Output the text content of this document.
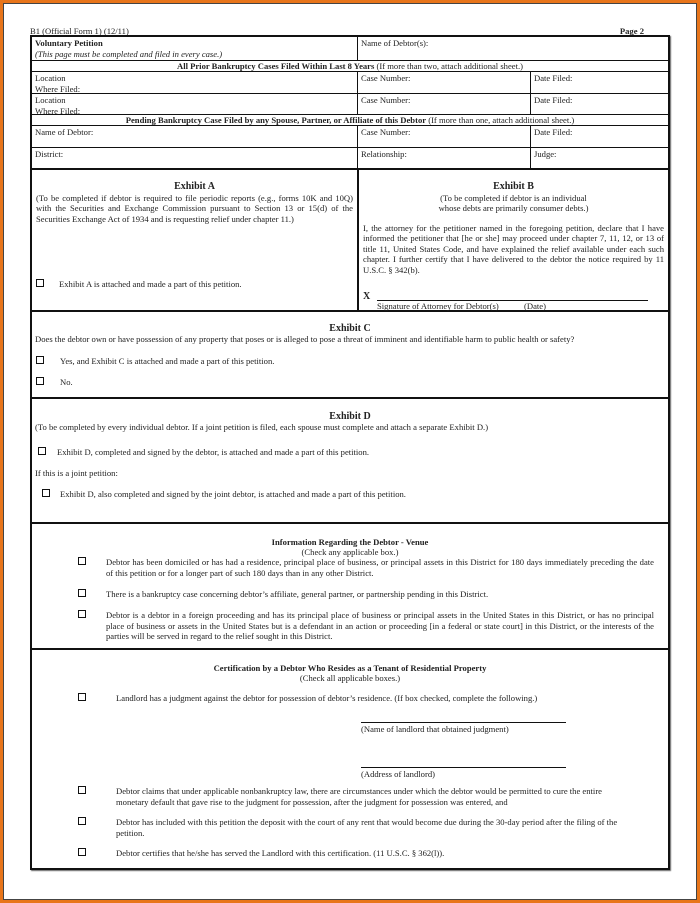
B1 (Official Form 1) (12/11)	Page 2
Voluntary Petition
(This page must be completed and filed in every case.)
Name of Debtor(s):
All Prior Bankruptcy Cases Filed Within Last 8 Years (If more than two, attach additional sheet.)
Location
Where Filed:
Case Number:	Date Filed:
Location
Where Filed:
Case Number:	Date Filed:
Pending Bankruptcy Case Filed by any Spouse, Partner, or Affiliate of this Debtor (If more than one, attach additional sheet.)
Name of Debtor:	Case Number:	Date Filed:
District:	Relationship:	Judge:
Exhibit A

(To be completed if debtor is required to file periodic reports (e.g., forms 10K and 10Q) with the Securities and Exchange Commission pursuant to Section 13 or 15(d) of the Securities Exchange Act of 1934 and is requesting relief under chapter 11.)

Exhibit A is attached and made a part of this petition.
Exhibit B

(To be completed if debtor is an individual

whose debts are primarily consumer debts.)

I, the attorney for the petitioner named in the foregoing petition, declare that I have informed the petitioner that [he or she] may proceed under chapter 7, 11, 12, or 13 of title 11, United States Code, and have explained the relief available under each such chapter. I further certify that I have delivered to the debtor the notice required by 11 U.S.C. § 342(b).

X
Signature of Attorney for Debtor(s)	(Date)
Exhibit C

Does the debtor own or have possession of any property that poses or is alleged to pose a threat of imminent and identifiable harm to public health or safety?

Yes, and Exhibit C is attached and made a part of this petition.
No.
Exhibit D

(To be completed by every individual debtor. If a joint petition is filed, each spouse must complete and attach a separate Exhibit D.)

Exhibit D, completed and signed by the debtor, is attached and made a part of this petition.

If this is a joint petition:

Exhibit D, also completed and signed by the joint debtor, is attached and made a part of this petition.
Information Regarding the Debtor - Venue
(Check any applicable box.)
Debtor has been domiciled or has had a residence, principal place of business, or principal assets in this District for 180 days immediately preceding the date of this petition or for a longer part of such 180 days than in any other District.
There is a bankruptcy case concerning debtor’s affiliate, general partner, or partnership pending in this District.
Debtor is a debtor in a foreign proceeding and has its principal place of business or principal assets in the United States in this District, or has no principal place of business or assets in the United States but is a defendant in an action or proceeding [in a federal or state court] in this District, or the interests of the parties will be served in regard to the relief sought in this District.
Certification by a Debtor Who Resides as a Tenant of Residential Property
(Check all applicable boxes.)
Landlord has a judgment against the debtor for possession of debtor’s residence. (If box checked, complete the following.)
(Name of landlord that obtained judgment)
(Address of landlord)
Debtor claims that under applicable nonbankruptcy law, there are circumstances under which the debtor would be permitted to cure the entire monetary default that gave rise to the judgment for possession, after the judgment for possession was entered, and
Debtor has included with this petition the deposit with the court of any rent that would become due during the 30-day period after the filing of the petition.
Debtor certifies that he/she has served the Landlord with this certification. (11 U.S.C. § 362(l)).
